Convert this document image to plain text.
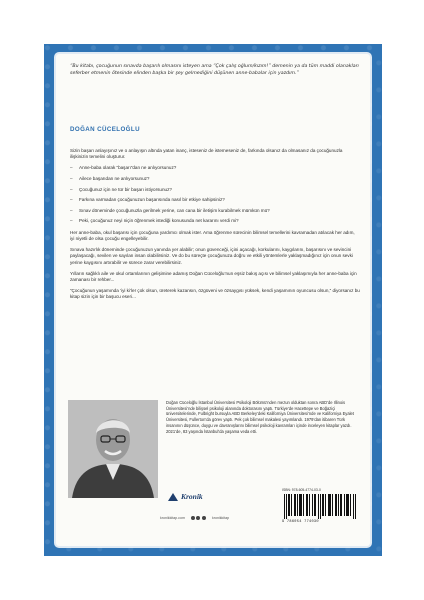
“Bu kitabı, çocuğunun sınavda başarılı olmasını isteyen ama “Çok çalış oğlum/kızım!” demenin ya da tüm maddi olanakları seferber etmenin ötesinde elinden başka bir şey gelmediğini düşünen anne-babalar için yazdım.”

DOĞAN CÜCELOĞLU

Sizin başarı anlayışınız ve o anlayışın altında yatan inanç, isteseniz de istemeseniz de, farkında olsanız da olmasanız da çocuğunuzla ilişkinizin temelini oluşturur.

– Anne-baba olarak “başarı”dan ne anlıyorsunuz?
– Ailece başarıdan ne anlıyorsunuz?
– Çocuğunuz için ne tür bir başarı istiyorsunuz?
– Farkına varmadan çocuğunuzun başarısında nasıl bir etkiye sahipsiniz?
– Sınav döneminde çocuğunuzla gerilmek yerine, can cana bir iletişim kurabilmek mümkün mü?
– Peki, çocuğunuz neyi niçin öğrenmek istediği konusunda net kararını verdi mi?

Her anne-baba, okul başarısı için çocuğuna yardımcı olmak ister. Ama öğrenme sürecinin bilimsel temellerini kavramadan atılacak her adım, iyi niyetli de olsa çocuğu engelleyebilir.

Sınava hazırlık döneminde çocuğunuzun yanında yer alabilir; onun güvenceği, içini açacağı, korkularını, kaygılarını, başarısını ve sevincini paylaşacağı, sevilen ve sayılan insan olabilirsiniz. Ve do bu süreçte çocuğunuza doğru ve etkili yöntemlerle yaklaşmadığınız için onun sevki yerine kaygısını artırabilir ve sürece zarar verebilirsiniz.

Yılların sağlıklı aile ve okul ortamlarının gelişimine adamış Doğan Cüceloğlu’nun eşsiz bakış açısı ve bilimsel yaklaşımıyla her anne-baba için zamanası bir rehber...

“Çocuğunun yaşamında ‘iyi ki’ler çok olsun, üreterek kazansın, özgüveni ve özsaygısı yüksek, kendi yaşamının oyuncusu olsun,” diyorsanız bu kitap sizin için bir başucu eseri...

Doğan Cüceloğlu İstanbul Üniversitesi Psikoloji Bölümü’nden mezun olduktan sonra ABD’de Illinois Üniversitesi’nde bilişsel psikoloji alanında doktorasını yaptı. Türkiye’de Hacettepe ve Boğaziçi üniversitelerinde, Fulbright bursuyla ABD Berkeley’deki Kaliforniya Üniversitesi’nde ve Kaliforniya Eyalet Üniversitesi, Fullerton’da görev yaptı. Pek çok bilimsel makalesi yayımlandı. 1979’dan itibaren Türk insanının düşünce, duygu ve davranışlarını bilimsel psikoloji kavramları içinde inceleyen kitaplar yazdı. 2021’de, 83 yaşında İstanbul’da yaşama veda etti.

Kronik
kronikkitap.com	kronikkitap

ISBN: 978-605-4774-03-0

9 786054 774030
